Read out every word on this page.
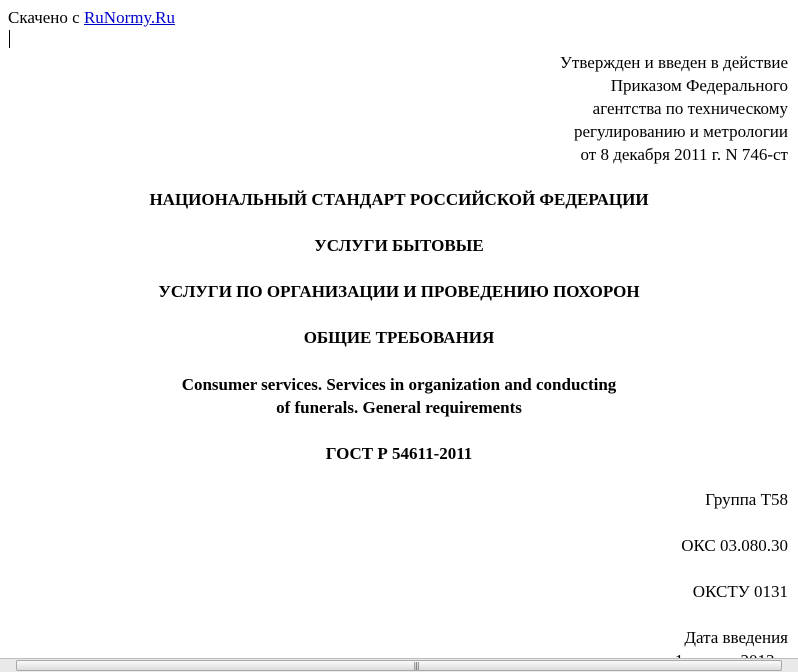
Скачено с RuNormy.Ru
Утвержден и введен в действие
Приказом Федерального
агентства по техническому
регулированию и метрологии
от 8 декабря 2011 г. N 746-ст
НАЦИОНАЛЬНЫЙ СТАНДАРТ РОССИЙСКОЙ ФЕДЕРАЦИИ
УСЛУГИ БЫТОВЫЕ
УСЛУГИ ПО ОРГАНИЗАЦИИ И ПРОВЕДЕНИЮ ПОХОРОН
ОБЩИЕ ТРЕБОВАНИЯ
Consumer services. Services in organization and conducting
of funerals. General requirements
ГОСТ Р 54611-2011
Группа Т58
ОКС 03.080.30
ОКСТУ 0131
Дата введения
|||
